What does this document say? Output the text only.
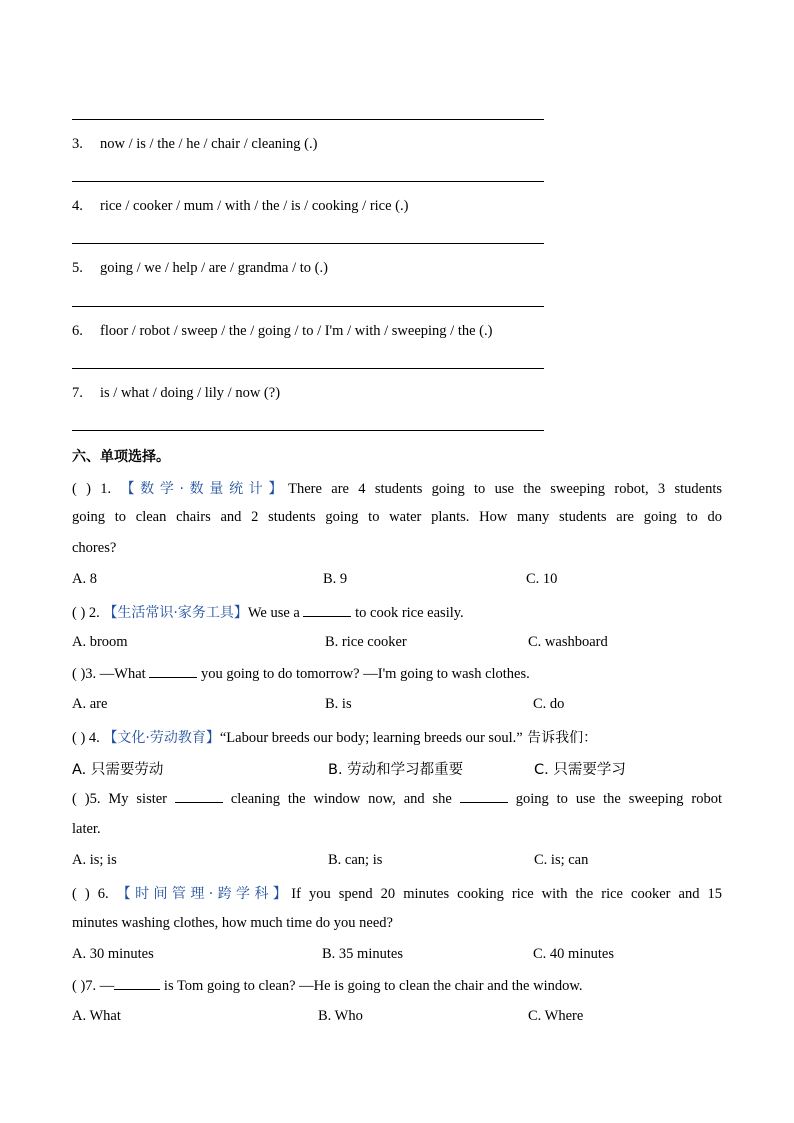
3. now / is / the / he / chair / cleaning (.)
4. rice / cooker / mum / with / the / is / cooking / rice (.)
5. going / we / help / are / grandma / to (.)
6. floor / robot / sweep / the / going / to / I'm / with / sweeping / the (.)
7. is / what / doing / lily / now (?)
六、单项选择。
( ) 1. 【数学·数量统计】There are 4 students going to use the sweeping robot, 3 students
going to clean chairs and 2 students going to water plants. How many students are going to do
chores?
A. 8	B. 9	C. 10
( ) 2. 【生活常识·家务工具】We use a	to cook rice easily.
A. broom	B. rice cooker	C. washboard
( )3. —What	you going to do tomorrow? —I'm going to wash clothes.
A. are	B. is	C. do
( ) 4. 【文化·劳动教育】“Labour breeds our body; learning breeds our soul.” 告诉我们：
A. 只需要劳动	B. 劳动和学习都重要	C. 只需要学习
( )5. My sister	cleaning the window now, and she	going to use the sweeping robot
later.
A. is; is	B. can; is	C. is; can
( ) 6. 【时间管理·跨学科】If you spend 20 minutes cooking rice with the rice cooker and 15
minutes washing clothes, how much time do you need?
A. 30 minutes	B. 35 minutes	C. 40 minutes
( )7. —	is Tom going to clean? —He is going to clean the chair and the window.
A. What	B. Who	C. Where
